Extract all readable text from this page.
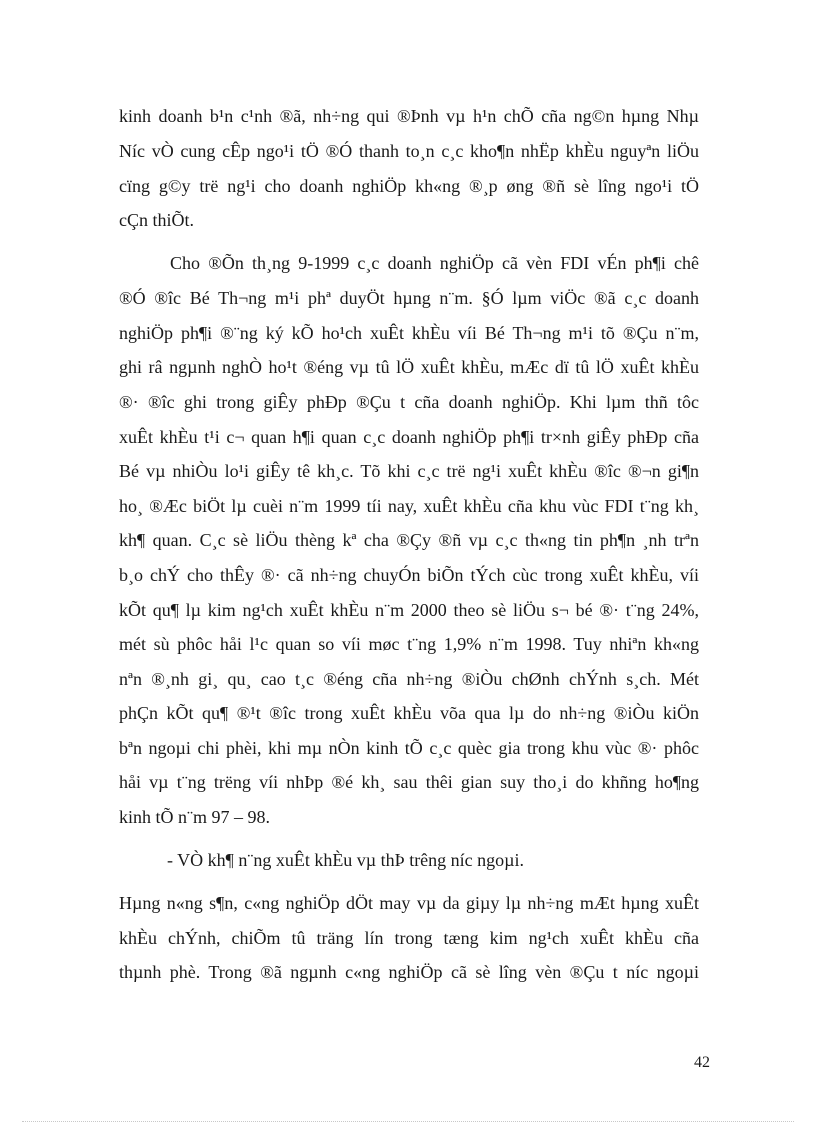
kinh doanh b¹n c¹nh ®ã, nh÷ng qui ®Þnh vµ h¹n chÕ cña ng©n hµng Nhµ
Níc vÒ cung cÊp ngo¹i tÖ ®Ó thanh to¸n c¸c kho¶n nhËp khÈu nguyªn liÖu
cïng g©y trë ng¹i cho doanh nghiÖp kh«ng ®¸p øng ®ñ sè lîng ngo¹i tÖ
cÇn thiÕt.
Cho ®Õn th¸ng 9-1999 c¸c doanh nghiÖp cã vèn FDI vÉn ph¶i chê
®Ó ®îc Bé Th¬ng m¹i phª duyÖt hµng n¨m. §Ó lµm viÖc ®ã c¸c doanh
nghiÖp ph¶i ®¨ng ký kÕ ho¹ch xuÊt khÈu víi Bé Th¬ng m¹i tõ ®Çu n¨m,
ghi râ ngµnh nghÒ ho¹t ®éng vµ tû lÖ xuÊt khÈu, mÆc dï tû lÖ xuÊt khÈu
®· ®îc ghi trong giÊy phÐp ®Çu t cña doanh nghiÖp. Khi lµm thñ tôc
xuÊt khÈu t¹i c¬ quan h¶i quan c¸c doanh nghiÖp ph¶i tr×nh giÊy phÐp cña
Bé vµ nhiÒu lo¹i giÊy tê kh¸c. Tõ khi c¸c trë ng¹i xuÊt khÈu ®îc ®¬n gi¶n
ho¸ ®Æc biÖt lµ cuèi n¨m 1999 tíi nay, xuÊt khÈu cña khu vùc FDI t¨ng kh¸
kh¶ quan. C¸c sè liÖu thèng kª cha ®Çy ®ñ vµ c¸c th«ng tin ph¶n ¸nh trªn
b¸o chÝ cho thÊy ®· cã nh÷ng chuyÓn biÕn tÝch cùc trong xuÊt khÈu, víi
kÕt qu¶ lµ kim ng¹ch xuÊt khÈu n¨m 2000 theo sè liÖu s¬ bé ®· t¨ng 24%,
mét sù phôc håi l¹c quan so víi møc t¨ng 1,9% n¨m 1998. Tuy nhiªn kh«ng
nªn ®¸nh gi¸ qu¸ cao t¸c ®éng cña nh÷ng ®iÒu chØnh chÝnh s¸ch. Mét
phÇn kÕt qu¶ ®¹t ®îc trong xuÊt khÈu võa qua lµ do nh÷ng ®iÒu kiÖn
bªn ngoµi chi phèi, khi mµ nÒn kinh tÕ c¸c quèc gia trong khu vùc ®· phôc
håi vµ t¨ng trëng víi nhÞp ®é kh¸ sau thêi gian suy tho¸i do khñng ho¶ng
kinh tÕ n¨m 97 – 98.
- VÒ kh¶ n¨ng xuÊt khÈu vµ thÞ trêng níc ngoµi.
Hµng n«ng s¶n, c«ng nghiÖp dÖt may vµ da giµy lµ nh÷ng mÆt hµng xuÊt
khÈu chÝnh, chiÕm tû träng lín trong tæng kim ng¹ch xuÊt khÈu cña
thµnh phè. Trong ®ã ngµnh c«ng nghiÖp cã sè lîng vèn ®Çu t níc ngoµi
42
